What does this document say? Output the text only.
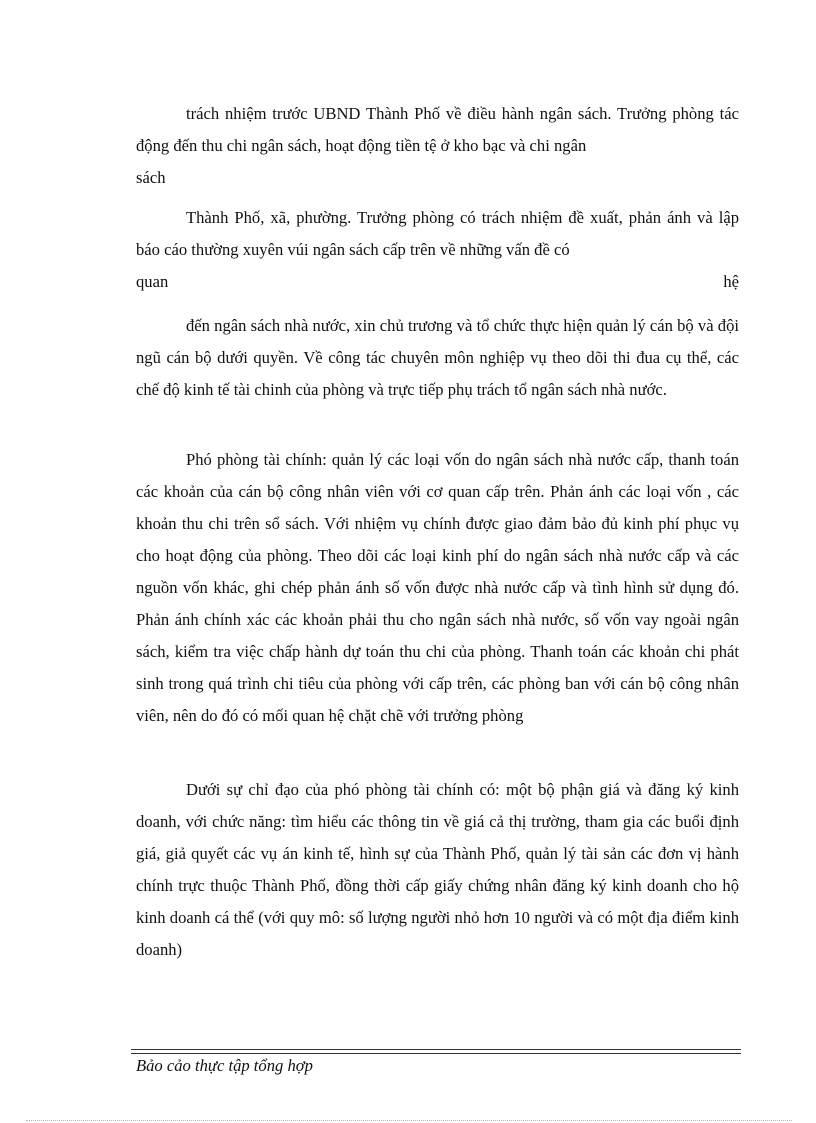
trách nhiệm trước UBND Thành Phố về điều hành ngân sách. Trưởng phòng tác động đến thu chi ngân sách, hoạt động tiền tệ ở kho bạc và chi ngân

sách

Thành Phố, xã, phường. Trưởng phòng có trách nhiệm đề xuất, phản ánh và lập báo cáo thường xuyên vúi ngân sách cấp trên về những vấn đề có

quan hệ

đến ngân sách nhà nước, xin chủ trương và tổ chức thực hiện quản lý cán bộ và đội ngũ cán bộ dưới quyền. Về công tác chuyên môn nghiệp vụ theo dõi thi đua cụ thể, các chế độ kinh tế tài chinh của phòng và trực tiếp phụ trách tổ ngân sách nhà nước.

Phó phòng tài chính: quản lý các loại vốn do ngân sách nhà nước cấp, thanh toán các khoản của cán bộ công nhân viên với cơ quan cấp trên. Phản ánh các loại vốn , các khoản thu chi trên sổ sách. Với nhiệm vụ chính được giao đảm bảo đủ kinh phí phục vụ cho hoạt động của phòng. Theo dõi các loại kinh phí do ngân sách nhà nước cấp và các nguồn vốn khác, ghi chép phản ánh số vốn được nhà nước cấp và tình hình sử dụng đó. Phản ánh chính xác các khoản phải thu cho ngân sách nhà nước, số vốn vay ngoài ngân sách, kiểm tra việc chấp hành dự toán thu chi của phòng. Thanh toán các khoản chi phát sinh trong quá trình chi tiêu của phòng với cấp trên, các phòng ban với cán bộ công nhân viên, nên do đó có mối quan hệ chặt chẽ với trưởng phòng

Dưới sự chỉ đạo của phó phòng tài chính có: một bộ phận giá và đăng ký kinh doanh, với chức năng: tìm hiểu các thông tin về giá cả thị trường, tham gia các buổi định giá, giả quyết các vụ án kinh tế, hình sự của Thành Phố, quản lý tài sản các đơn vị hành chính trực thuộc Thành Phố, đồng thời cấp giấy chứng nhân đăng ký kinh doanh cho hộ kinh doanh cá thể (với quy mô: số lượng người nhỏ hơn 10 người và có một địa điểm kinh doanh)

Bảo cảo thực tập tổng hợp
